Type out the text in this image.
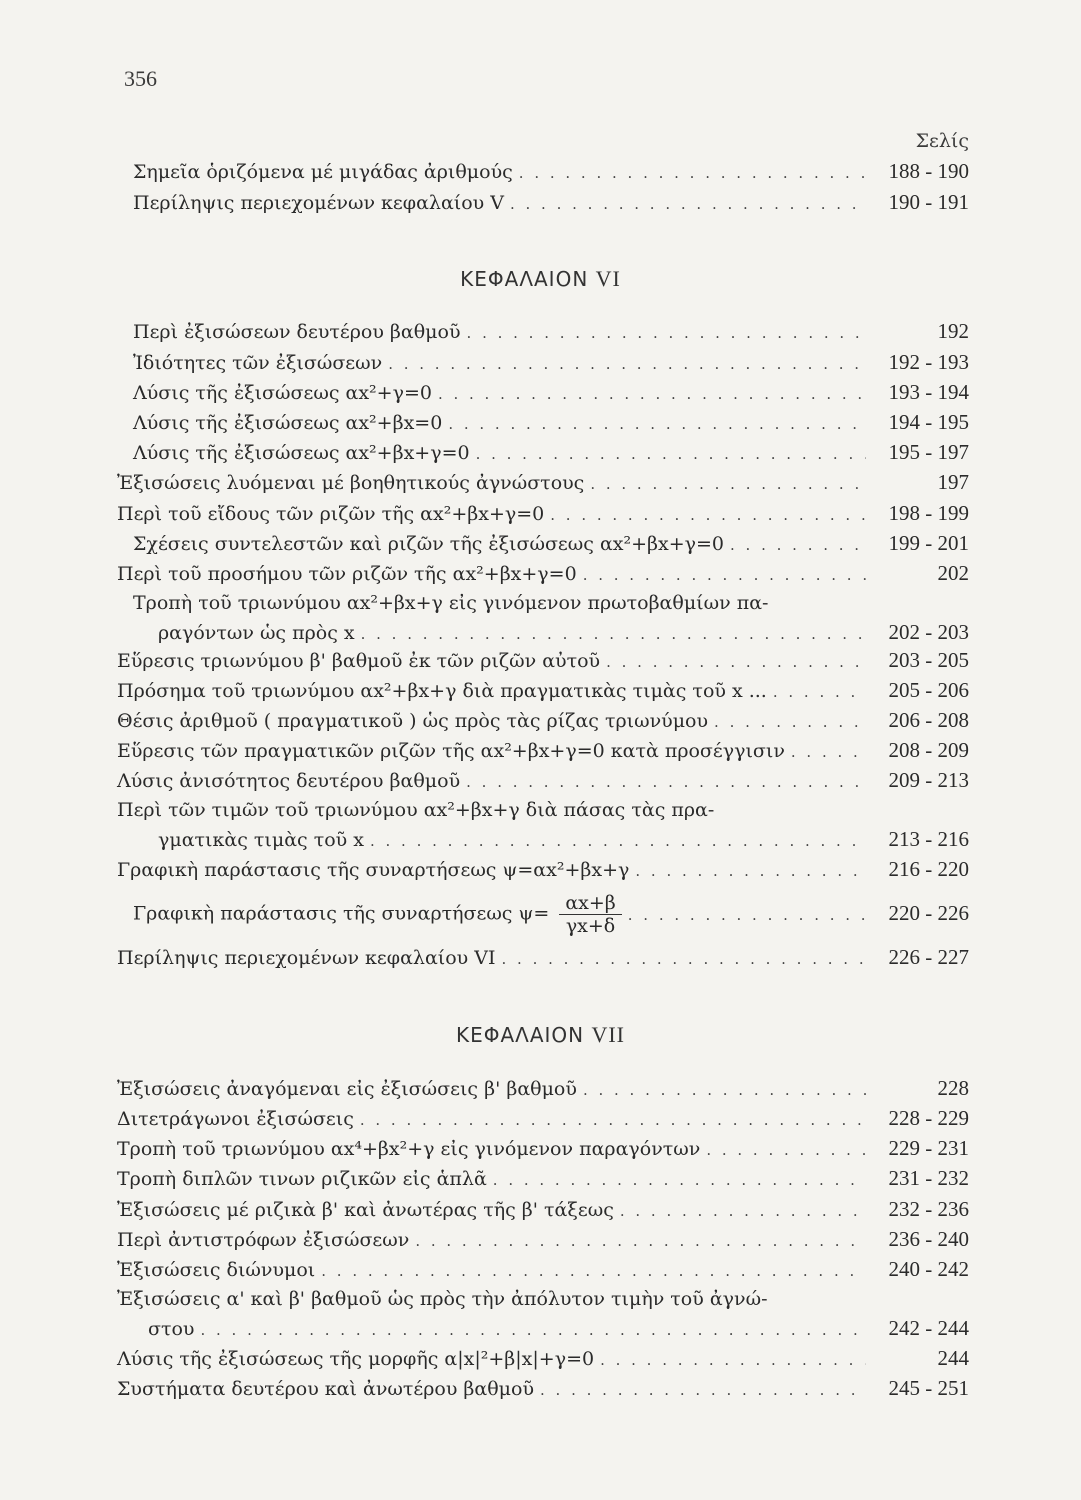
356
Σελίς
Σημεῖα ὁριζόμενα μέ μιγάδας ἀριθμούς . . .	188 - 190
Περίληψις περιεχομένων κεφαλαίου V . . .	190 - 191
ΚΕΦΑΛΑΙΟΝ VI
Περὶ ἐξισώσεων δευτέρου βαθμοῦ . . .	192
Ἰδιότητες τῶν ἐξισώσεων . . .	192 - 193
Λύσις τῆς ἐξισώσεως αx²+γ=0 . . .	193 - 194
Λύσις τῆς ἐξισώσεως αx²+βx=0 . . .	194 - 195
Λύσις τῆς ἐξισώσεως αx²+βx+γ=0 . . .	195 - 197
Ἐξισώσεις λυόμεναι μέ βοηθητικούς ἀγνώστους . . .	197
Περὶ τοῦ εἴδους τῶν ριζῶν τῆς αx²+βx+γ=0 . . .	198 - 199
Σχέσεις συντελεστῶν καὶ ριζῶν τῆς ἐξισώσεως αx²+βx+γ=0 . . .	199 - 201
Περὶ τοῦ προσήμου τῶν ριζῶν τῆς αx²+βx+γ=0 . . .	202
Τροπὴ τοῦ τριωνύμου αx²+βx+γ εἰς γινόμενον πρωτοβαθμίων πα-
ραγόντων ὡς πρὸς x . . .	202 - 203
Εὕρεσις τριωνύμου β' βαθμοῦ ἐκ τῶν ριζῶν αὐτοῦ . . .	203 - 205
Πρόσημα τοῦ τριωνύμου αx²+βx+γ διὰ πραγματικὰς τιμὰς τοῦ x ... . . .	205 - 206
Θέσις ἀριθμοῦ ( πραγματικοῦ ) ὡς πρὸς τὰς ρίζας τριωνύμου . . .	206 - 208
Εὕρεσις τῶν πραγματικῶν ριζῶν τῆς αx²+βx+γ=0 κατὰ προσέγγισιν . . .	208 - 209
Λύσις ἀνισότητος δευτέρου βαθμοῦ . . .	209 - 213
Περὶ τῶν τιμῶν τοῦ τριωνύμου αx²+βx+γ διὰ πάσας τὰς πρα-
γματικὰς τιμὰς τοῦ x . . .	213 - 216
Γραφικὴ παράστασις τῆς συναρτήσεως ψ=αx²+βx+γ . . .	216 - 220
Γραφικὴ παράστασις τῆς συναρτήσεως $\psi= \frac{\alpha x+\beta}{\gamma x+\delta}$ . . .	220 - 226
Περίληψις περιεχομένων κεφαλαίου VI . . .	226 - 227
ΚΕΦΑΛΑΙΟΝ VII
Ἐξισώσεις ἀναγόμεναι εἰς ἐξισώσεις β' βαθμοῦ . . .	228
Διτετράγωνοι ἐξισώσεις . . .	228 - 229
Τροπὴ τοῦ τριωνύμου αx⁴+βx²+γ εἰς γινόμενον παραγόντων . . .	229 - 231
Τροπὴ διπλῶν τινων ριζικῶν εἰς ἁπλᾶ . . .	231 - 232
Ἐξισώσεις μέ ριζικὰ β' καὶ ἀνωτέρας τῆς β' τάξεως . . .	232 - 236
Περὶ ἀντιστρόφων ἐξισώσεων . . .	236 - 240
Ἐξισώσεις διώνυμοι . . .	240 - 242
Ἐξισώσεις α' καὶ β' βαθμοῦ ὡς πρὸς τὴν ἀπόλυτον τιμὴν τοῦ ἀγνώ-
στου . . .	242 - 244
Λύσις τῆς ἐξισώσεως τῆς μορφῆς α|x|²+β|x|+γ=0 . . .	244
Συστήματα δευτέρου καὶ ἀνωτέρου βαθμοῦ . . .	245 - 251
